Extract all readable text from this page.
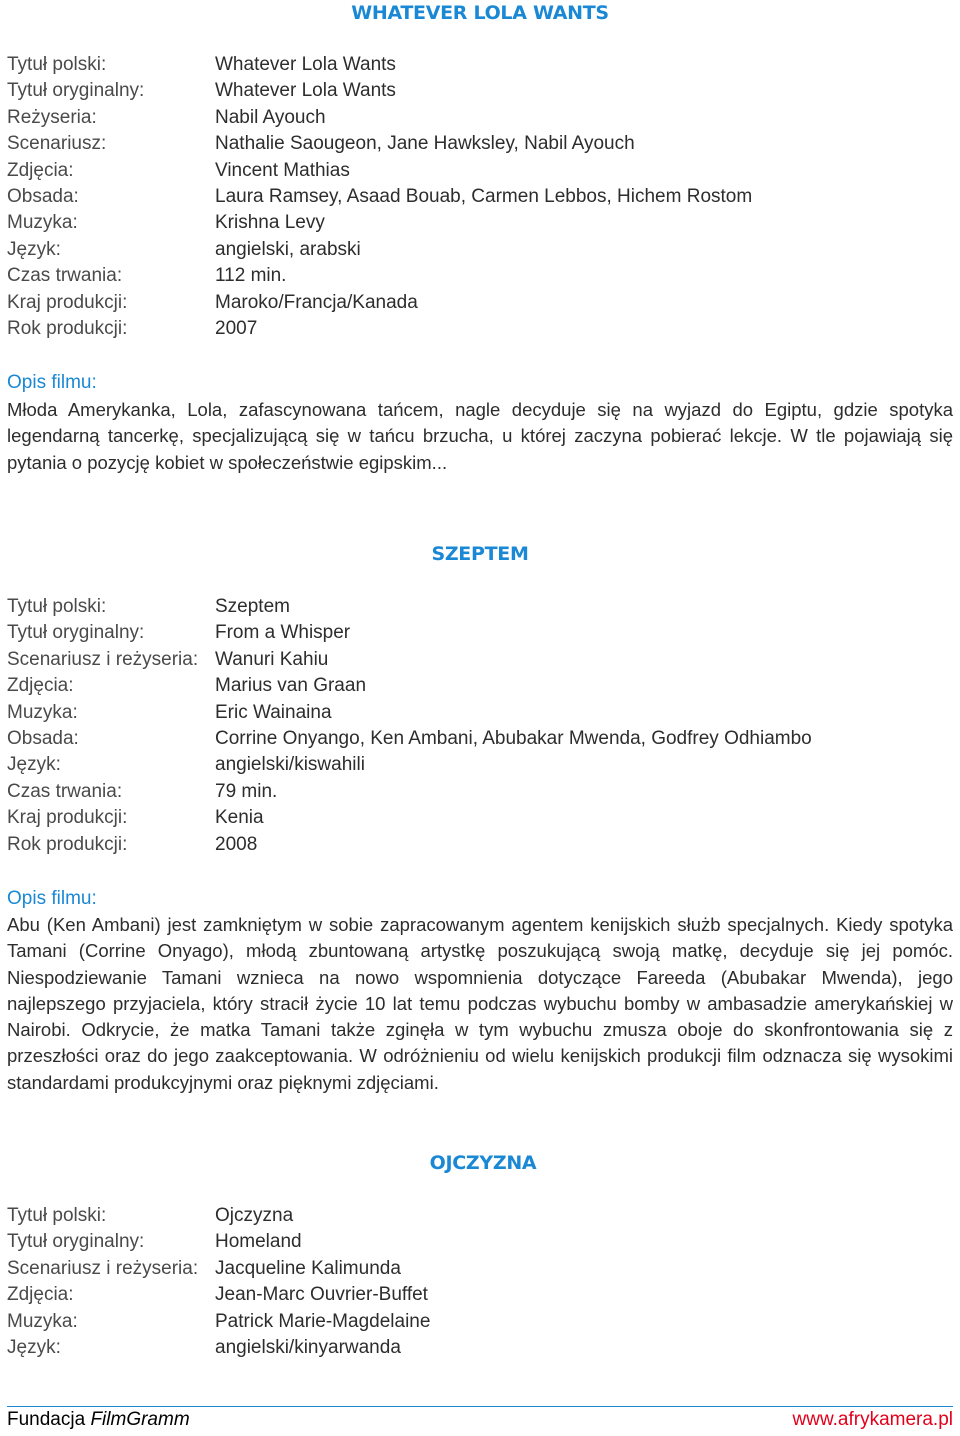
WHATEVER LOLA WANTS
Tytuł polski:	Whatever Lola Wants
Tytuł oryginalny:	Whatever Lola Wants
Reżyseria:	Nabil Ayouch
Scenariusz:	Nathalie Saougeon, Jane Hawksley, Nabil Ayouch
Zdjęcia:	Vincent Mathias
Obsada:	Laura Ramsey, Asaad Bouab, Carmen Lebbos, Hichem Rostom
Muzyka:	Krishna Levy
Język:	angielski, arabski
Czas trwania:	112 min.
Kraj produkcji:	Maroko/Francja/Kanada
Rok produkcji:	2007
Opis filmu:
Młoda Amerykanka, Lola, zafascynowana tańcem, nagle decyduje się na wyjazd do Egiptu, gdzie spotyka legendarną tancerkę, specjalizującą się w tańcu brzucha, u której zaczyna pobierać lekcje. W tle pojawiają się pytania o pozycję kobiet w społeczeństwie egipskim...
SZEPTEM
Tytuł polski:	Szeptem
Tytuł oryginalny:	From a Whisper
Scenariusz i reżyseria: Wanuri Kahiu
Zdjęcia:	Marius van Graan
Muzyka:	Eric Wainaina
Obsada:	Corrine Onyango, Ken Ambani, Abubakar Mwenda, Godfrey Odhiambo
Język:	angielski/kiswahili
Czas trwania:	79 min.
Kraj produkcji:	Kenia
Rok produkcji:	2008
Opis filmu:
Abu (Ken Ambani) jest zamkniętym w sobie zapracowanym agentem kenijskich służb specjalnych. Kiedy spotyka Tamani (Corrine Onyago), młodą zbuntowaną artystkę poszukującą swoją matkę, decyduje się jej pomóc. Niespodziewanie Tamani wznieca na nowo wspomnienia dotyczące Fareeda (Abubakar Mwenda), jego najlepszego przyjaciela, który stracił życie 10 lat temu podczas wybuchu bomby w ambasadzie amerykańskiej w Nairobi. Odkrycie, że matka Tamani także zginęła w tym wybuchu zmusza oboje do skonfrontowania się z przeszłości oraz do jego zaakceptowania. W odróżnieniu od wielu kenijskich produkcji film odznacza się wysokimi standardami produkcyjnymi oraz pięknymi zdjęciami.
OJCZYZNA
Tytuł polski:	Ojczyzna
Tytuł oryginalny:	Homeland
Scenariusz i reżyseria: Jacqueline Kalimunda
Zdjęcia:	Jean-Marc Ouvrier-Buffet
Muzyka:	Patrick Marie-Magdelaine
Język:	angielski/kinyarwanda
Fundacja FilmGramm	www.afrykamera.pl
